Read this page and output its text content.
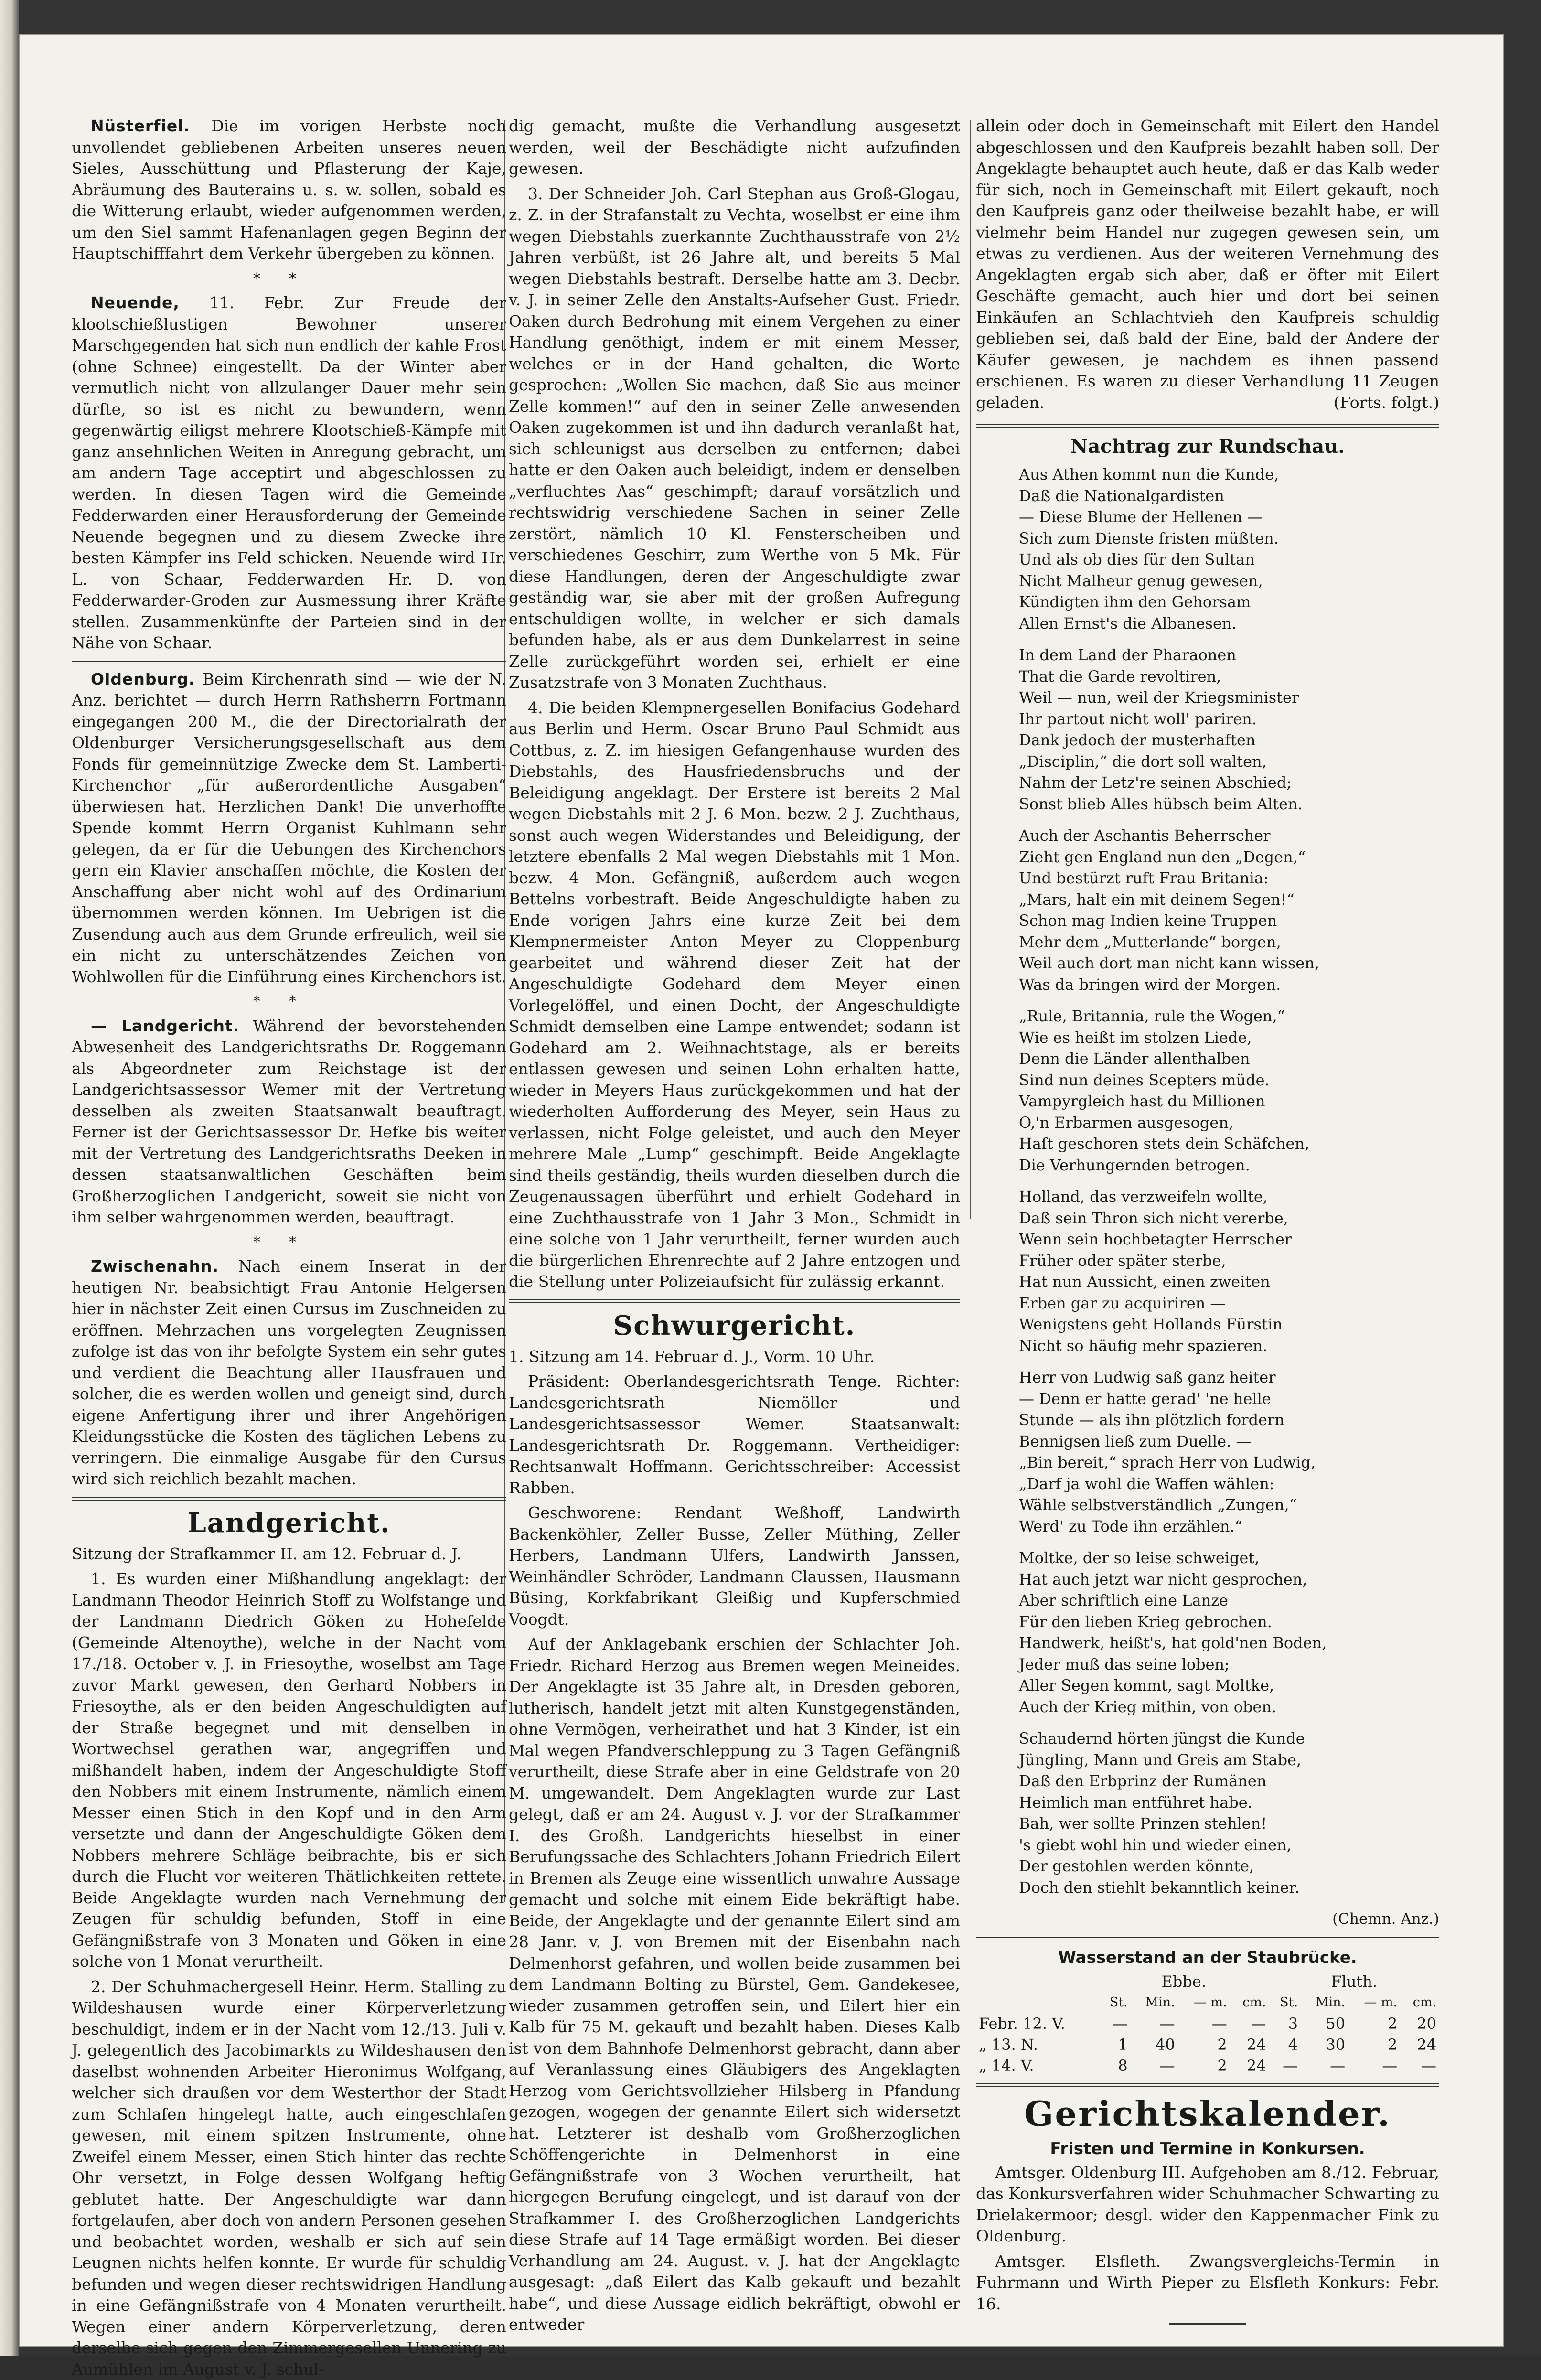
Nüsterfiel. Die im vorigen Herbste noch unvollendet gebliebenen Arbeiten unseres neuen Sieles, Ausschüttung und Pflasterung der Kaje, Abräumung des Bauterains u. s. w. sollen, sobald es die Witterung erlaubt, wieder aufgenommen werden, um den Siel sammt Hafenanlagen gegen Beginn der Hauptschifffahrt dem Verkehr übergeben zu können.

*​*

Neuende, 11. Febr. Zur Freude der klootschießlustigen Bewohner unserer Marschgegenden hat sich nun endlich der kahle Frost (ohne Schnee) eingestellt. Da der Winter aber vermutlich nicht von allzulanger Dauer mehr sein dürfte, so ist es nicht zu bewundern, wenn gegenwärtig eiligst mehrere Klootschieß-Kämpfe mit ganz ansehnlichen Weiten in Anregung gebracht, um am andern Tage acceptirt und abgeschlossen zu werden. In diesen Tagen wird die Gemeinde Fedderwarden einer Herausforderung der Gemeinde Neuende begegnen und zu diesem Zwecke ihre besten Kämpfer ins Feld schicken. Neuende wird Hr. L. von Schaar, Fedderwarden Hr. D. von Fedderwarder-Groden zur Ausmessung ihrer Kräfte stellen. Zusammenkünfte der Parteien sind in der Nähe von Schaar.

Oldenburg. Beim Kirchenrath sind — wie der N. Anz. berichtet — durch Herrn Rathsherrn Fortmann eingegangen 200 M., die der Directorialrath der Oldenburger Versicherungsgesellschaft aus dem Fonds für gemeinnützige Zwecke dem St. Lamberti-Kirchenchor „für außerordentliche Ausgaben“ überwiesen hat. Herzlichen Dank! Die unverhoffte Spende kommt Herrn Organist Kuhlmann sehr gelegen, da er für die Uebungen des Kirchenchors gern ein Klavier anschaffen möchte, die Kosten der Anschaffung aber nicht wohl auf des Ordinarium übernommen werden können. Im Uebrigen ist die Zusendung auch aus dem Grunde erfreulich, weil sie ein nicht zu unterschätzendes Zeichen von Wohlwollen für die Einführung eines Kirchenchors ist.

*​*

— Landgericht. Während der bevorstehenden Abwesenheit des Landgerichtsraths Dr. Roggemann als Abgeordneter zum Reichstage ist der Landgerichtsassessor Wemer mit der Vertretung desselben als zweiten Staatsanwalt beauftragt. Ferner ist der Gerichtsassessor Dr. Hefke bis weiter mit der Vertretung des Landgerichtsraths Deeken in dessen staatsanwaltlichen Geschäften beim Großherzoglichen Landgericht, soweit sie nicht von ihm selber wahrgenommen werden, beauftragt.

*​*

Zwischenahn. Nach einem Inserat in der heutigen Nr. beabsichtigt Frau Antonie Helgersen hier in nächster Zeit einen Cursus im Zuschneiden zu eröffnen. Mehrzachen uns vorgelegten Zeugnissen zufolge ist das von ihr befolgte System ein sehr gutes und verdient die Beachtung aller Hausfrauen und solcher, die es werden wollen und geneigt sind, durch eigene Anfertigung ihrer und ihrer Angehörigen Kleidungsstücke die Kosten des täglichen Lebens zu verringern. Die einmalige Ausgabe für den Cursus wird sich reichlich bezahlt machen.

Landgericht.

Sitzung der Strafkammer II. am 12. Februar d. J.

1. Es wurden einer Mißhandlung angeklagt: der Landmann Theodor Heinrich Stoff zu Wolfstange und der Landmann Diedrich Göken zu Hohefelde (Gemeinde Altenoythe), welche in der Nacht vom 17./18. October v. J. in Friesoythe, woselbst am Tage zuvor Markt gewesen, den Gerhard Nobbers in Friesoythe, als er den beiden Angeschuldigten auf der Straße begegnet und mit denselben in Wortwechsel gerathen war, angegriffen und mißhandelt haben, indem der Angeschuldigte Stoff den Nobbers mit einem Instrumente, nämlich einem Messer einen Stich in den Kopf und in den Arm versetzte und dann der Angeschuldigte Göken dem Nobbers mehrere Schläge beibrachte, bis er sich durch die Flucht vor weiteren Thätlichkeiten rettete. Beide Angeklagte wurden nach Vernehmung der Zeugen für schuldig befunden, Stoff in eine Gefängnißstrafe von 3 Monaten und Göken in eine solche von 1 Monat verurtheilt.

2. Der Schuhmachergesell Heinr. Herm. Stalling zu Wildeshausen wurde einer Körperverletzung beschuldigt, indem er in der Nacht vom 12./13. Juli v. J. gelegentlich des Jacobimarkts zu Wildeshausen den daselbst wohnenden Arbeiter Hieronimus Wolfgang, welcher sich draußen vor dem Westerthor der Stadt zum Schlafen hingelegt hatte, auch eingeschlafen gewesen, mit einem spitzen Instrumente, ohne Zweifel einem Messer, einen Stich hinter das rechte Ohr versetzt, in Folge dessen Wolfgang heftig geblutet hatte. Der Angeschuldigte war dann fortgelaufen, aber doch von andern Personen gesehen und beobachtet worden, weshalb er sich auf sein Leugnen nichts helfen konnte. Er wurde für schuldig befunden und wegen dieser rechtswidrigen Handlung in eine Gefängnißstrafe von 4 Monaten verurtheilt. Wegen einer andern Körperverletzung, deren derselbe sich gegen den Zimmergesellen Unnering zu Aumühlen im August v. J. schul-

dig gemacht, mußte die Verhandlung ausgesetzt werden, weil der Beschädigte nicht aufzufinden gewesen.

3. Der Schneider Joh. Carl Stephan aus Groß-Glogau, z. Z. in der Strafanstalt zu Vechta, woselbst er eine ihm wegen Diebstahls zuerkannte Zuchthausstrafe von 2½ Jahren verbüßt, ist 26 Jahre alt, und bereits 5 Mal wegen Diebstahls bestraft. Derselbe hatte am 3. Decbr. v. J. in seiner Zelle den Anstalts-Aufseher Gust. Friedr. Oaken durch Bedrohung mit einem Vergehen zu einer Handlung genöthigt, indem er mit einem Messer, welches er in der Hand gehalten, die Worte gesprochen: „Wollen Sie machen, daß Sie aus meiner Zelle kommen!“ auf den in seiner Zelle anwesenden Oaken zugekommen ist und ihn dadurch veranlaßt hat, sich schleunigst aus derselben zu entfernen; dabei hatte er den Oaken auch beleidigt, indem er denselben „verfluchtes Aas“ geschimpft; darauf vorsätzlich und rechtswidrig verschiedene Sachen in seiner Zelle zerstört, nämlich 10 Kl. Fensterscheiben und verschiedenes Geschirr, zum Werthe von 5 Mk. Für diese Handlungen, deren der Angeschuldigte zwar geständig war, sie aber mit der großen Aufregung entschuldigen wollte, in welcher er sich damals befunden habe, als er aus dem Dunkelarrest in seine Zelle zurückgeführt worden sei, erhielt er eine Zusatzstrafe von 3 Monaten Zuchthaus.

4. Die beiden Klempnergesellen Bonifacius Godehard aus Berlin und Herm. Oscar Bruno Paul Schmidt aus Cottbus, z. Z. im hiesigen Gefangenhause wurden des Diebstahls, des Hausfriedensbruchs und der Beleidigung angeklagt. Der Erstere ist bereits 2 Mal wegen Diebstahls mit 2 J. 6 Mon. bezw. 2 J. Zuchthaus, sonst auch wegen Widerstandes und Beleidigung, der letztere ebenfalls 2 Mal wegen Diebstahls mit 1 Mon. bezw. 4 Mon. Gefängniß, außerdem auch wegen Bettelns vorbestraft. Beide Angeschuldigte haben zu Ende vorigen Jahrs eine kurze Zeit bei dem Klempnermeister Anton Meyer zu Cloppenburg gearbeitet und während dieser Zeit hat der Angeschuldigte Godehard dem Meyer einen Vorlegelöffel, und einen Docht, der Angeschuldigte Schmidt demselben eine Lampe entwendet; sodann ist Godehard am 2. Weihnachtstage, als er bereits entlassen gewesen und seinen Lohn erhalten hatte, wieder in Meyers Haus zurückgekommen und hat der wiederholten Aufforderung des Meyer, sein Haus zu verlassen, nicht Folge geleistet, und auch den Meyer mehrere Male „Lump“ geschimpft. Beide Angeklagte sind theils geständig, theils wurden dieselben durch die Zeugenaussagen überführt und erhielt Godehard in eine Zuchthausstrafe von 1 Jahr 3 Mon., Schmidt in eine solche von 1 Jahr verurtheilt, ferner wurden auch die bürgerlichen Ehrenrechte auf 2 Jahre entzogen und die Stellung unter Polizeiaufsicht für zulässig erkannt.

Schwurgericht.

1. Sitzung am 14. Februar d. J., Vorm. 10 Uhr.

Präsident: Oberlandesgerichtsrath Tenge. Richter: Landesgerichtsrath Niemöller und Landesgerichtsassessor Wemer. Staatsanwalt: Landesgerichtsrath Dr. Roggemann. Vertheidiger: Rechtsanwalt Hoffmann. Gerichtsschreiber: Accessist Rabben.

Geschworene: Rendant Weßhoff, Landwirth Backenköhler, Zeller Busse, Zeller Müthing, Zeller Herbers, Landmann Ulfers, Landwirth Janssen, Weinhändler Schröder, Landmann Claussen, Hausmann Büsing, Korkfabrikant Gleißig und Kupferschmied Voogdt.

Auf der Anklagebank erschien der Schlachter Joh. Friedr. Richard Herzog aus Bremen wegen Meineides. Der Angeklagte ist 35 Jahre alt, in Dresden geboren, lutherisch, handelt jetzt mit alten Kunstgegenständen, ohne Vermögen, verheirathet und hat 3 Kinder, ist ein Mal wegen Pfandverschleppung zu 3 Tagen Gefängniß verurtheilt, diese Strafe aber in eine Geldstrafe von 20 M. umgewandelt. Dem Angeklagten wurde zur Last gelegt, daß er am 24. August v. J. vor der Strafkammer I. des Großh. Landgerichts hieselbst in einer Berufungssache des Schlachters Johann Friedrich Eilert in Bremen als Zeuge eine wissentlich unwahre Aussage gemacht und solche mit einem Eide bekräftigt habe. Beide, der Angeklagte und der genannte Eilert sind am 28 Janr. v. J. von Bremen mit der Eisenbahn nach Delmenhorst gefahren, und wollen beide zusammen bei dem Landmann Bolting zu Bürstel, Gem. Gandekesee, wieder zusammen getroffen sein, und Eilert hier ein Kalb für 75 M. gekauft und bezahlt haben. Dieses Kalb ist von dem Bahnhofe Delmenhorst gebracht, dann aber auf Veranlassung eines Gläubigers des Angeklagten Herzog vom Gerichtsvollzieher Hilsberg in Pfandung gezogen, wogegen der genannte Eilert sich widersetzt hat. Letzterer ist deshalb vom Großherzoglichen Schöffengerichte in Delmenhorst in eine Gefängnißstrafe von 3 Wochen verurtheilt, hat hiergegen Berufung eingelegt, und ist darauf von der Strafkammer I. des Großherzoglichen Landgerichts diese Strafe auf 14 Tage ermäßigt worden. Bei dieser Verhandlung am 24. August. v. J. hat der Angeklagte ausgesagt: „daß Eilert das Kalb gekauft und bezahlt habe“, und diese Aussage eidlich bekräftigt, obwohl er entweder

allein oder doch in Gemeinschaft mit Eilert den Handel abgeschlossen und den Kaufpreis bezahlt haben soll. Der Angeklagte behauptet auch heute, daß er das Kalb weder für sich, noch in Gemeinschaft mit Eilert gekauft, noch den Kaufpreis ganz oder theilweise bezahlt habe, er will vielmehr beim Handel nur zugegen gewesen sein, um etwas zu verdienen. Aus der weiteren Vernehmung des Angeklagten ergab sich aber, daß er öfter mit Eilert Geschäfte gemacht, auch hier und dort bei seinen Einkäufen an Schlachtvieh den Kaufpreis schuldig geblieben sei, daß bald der Eine, bald der Andere der Käufer gewesen, je nachdem es ihnen passend erschienen. Es waren zu dieser Verhandlung 11 Zeugen geladen.	(Forts. folgt.)

Nachtrag zur Rundschau.
Aus Athen kommt nun die Kunde,
Daß die Nationalgardisten
— Diese Blume der Hellenen —
Sich zum Dienste fristen müßten.
Und als ob dies für den Sultan
Nicht Malheur genug gewesen,
Kündigten ihm den Gehorsam
Allen Ernst's die Albanesen.
In dem Land der Pharaonen
That die Garde revoltiren,
Weil — nun, weil der Kriegsminister
Ihr partout nicht woll' pariren.
Dank jedoch der musterhaften
„Disciplin,“ die dort soll walten,
Nahm der Letz're seinen Abschied;
Sonst blieb Alles hübsch beim Alten.
Auch der Aschantis Beherrscher
Zieht gen England nun den „Degen,“
Und bestürzt ruft Frau Britania:
„Mars, halt ein mit deinem Segen!“
Schon mag Indien keine Truppen
Mehr dem „Mutterlande“ borgen,
Weil auch dort man nicht kann wissen,
Was da bringen wird der Morgen.
„Rule, Britannia, rule the Wogen,“
Wie es heißt im stolzen Liede,
Denn die Länder allenthalben
Sind nun deines Scepters müde.
Vampyrgleich hast du Millionen
O,'n Erbarmen ausgesogen,
Haſt geschoren stets dein Schäfchen,
Die Verhungernden betrogen.
Holland, das verzweifeln wollte,
Daß sein Thron sich nicht vererbe,
Wenn sein hochbetagter Herrscher
Früher oder später sterbe,
Hat nun Aussicht, einen zweiten
Erben gar zu acquiriren —
Wenigstens geht Hollands Fürstin
Nicht so häufig mehr spazieren.
Herr von Ludwig saß ganz heiter
— Denn er hatte gerad' 'ne helle
Stunde — als ihn plötzlich fordern
Bennigsen ließ zum Duelle. —
„Bin bereit,“ sprach Herr von Ludwig,
„Darf ja wohl die Waffen wählen:
Wähle selbstverständlich „Zungen,“
Werd' zu Tode ihn erzählen.“
Moltke, der so leise schweiget,
Hat auch jetzt war nicht gesprochen,
Aber schriftlich eine Lanze
Für den lieben Krieg gebrochen.
Handwerk, heißt's, hat gold'nen Boden,
Jeder muß das seine loben;
Aller Segen kommt, sagt Moltke,
Auch der Krieg mithin, von oben.
Schaudernd hörten jüngst die Kunde
Jüngling, Mann und Greis am Stabe,
Daß den Erbprinz der Rumänen
Heimlich man entführet habe.
Bah, wer sollte Prinzen stehlen!
's giebt wohl hin und wieder einen,
Der gestohlen werden könnte,
Doch den stiehlt bekanntlich keiner.
(Chemn. Anz.)
Wasserstand an der Staubrücke.
	Ebbe.				Fluth.			
	St.	Min.	— m.	cm.	St.	Min.	— m.	cm.
Febr. 12. V.	—	—	—	—	3	50	2	20
„ 13. N.	1	40	2	24	4	30	2	24
„ 14. V.	8	—	2	24	—	—	—	—
Gerichtskalender.
Fristen und Termine in Konkursen.

Amtsger. Oldenburg III. Aufgehoben am 8./12. Februar, das Konkursverfahren wider Schuhmacher Schwarting zu Drielakermoor; desgl. wider den Kappenmacher Fink zu Oldenburg.

Amtsger. Elsfleth. Zwangsvergleichs-Termin in Fuhrmann und Wirth Pieper zu Elsfleth Konkurs: Febr. 16.
